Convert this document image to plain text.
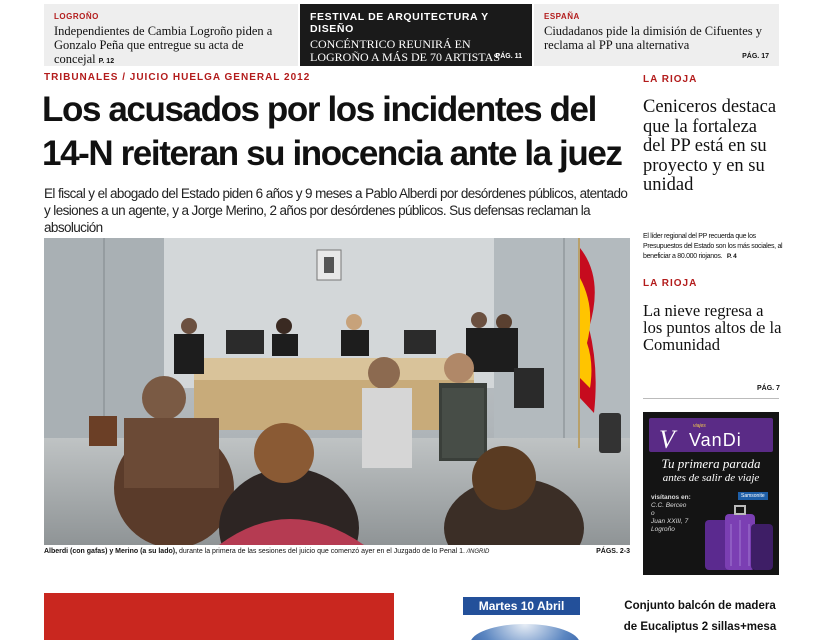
LOGROÑO
Independientes de Cambia Logroño piden a Gonzalo Peña que entregue su acta de concejal P. 12
FESTIVAL DE ARQUITECTURA Y DISEÑO
CONCÉNTRICO REUNIRÁ EN LOGROÑO A MÁS DE 70 ARTISTAS INTERNACIONALES EN 14 INSTALACIONES
PÁG. 11
ESPAÑA
Ciudadanos pide la dimisión de Cifuentes y reclama al PP una alternativa
PÁG. 17
TRIBUNALES / JUICIO HUELGA GENERAL 2012
Los acusados por los incidentes del
14-N reiteran su inocencia ante la juez
El fiscal y el abogado del Estado piden 6 años y 9 meses a Pablo Alberdi por desórdenes públicos, atentado y lesiones a un agente, y a Jorge Merino, 2 años por desórdenes públicos. Sus defensas reclaman la absolución
Alberdi (con gafas) y Merino (a su lado), durante la primera de las sesiones del juicio que comenzó ayer en el Juzgado de lo Penal 1. /INGRID	PÁGS. 2-3
LA RIOJA
Ceniceros destaca que la fortaleza del PP está en su proyecto y en su unidad
El líder regional del PP recuerda que los Presupuestos del Estado son los más sociales, al beneficiar a 80.000 riojanos. P. 4
LA RIOJA
La nieve regresa a los puntos altos de la Comunidad
PÁG. 7
viajes
V VanDi
Tu primera parada
antes de salir de viaje
visítanos en:
C.C. Berceo
o
Juan XXIII, 7
Logroño
Samsonite
Martes 10 Abril	Conjunto balcón de madera
de Eucaliptus 2 sillas+mesa
